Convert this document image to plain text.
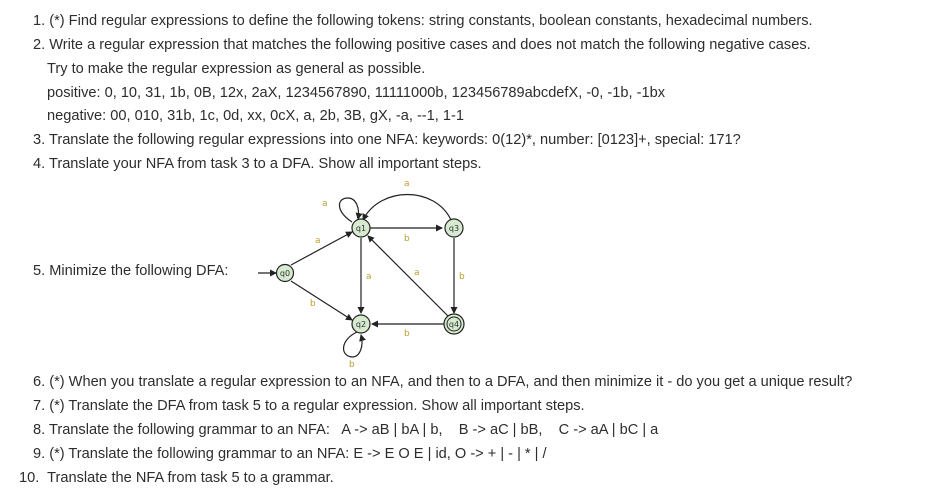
1. (*) Find regular expressions to define the following tokens: string constants, boolean constants, hexadecimal numbers.
2. Write a regular expression that matches the following positive cases and does not match the following negative cases.
Try to make the regular expression as general as possible.
positive: 0, 10, 31, 1b, 0B, 12x, 2aX, 1234567890, 11111000b, 123456789abcdefX, -0, -1b, -1bx
negative: 00, 010, 31b, 1c, 0d, xx, 0cX, a, 2b, 3B, gX, -a, --1, 1-1
3. Translate the following regular expressions into one NFA: keywords: 0(12)*, number: [0123]+, special: 171?
4. Translate your NFA from task 3 to a DFA. Show all important steps.
5. Minimize the following DFA:
a
b
a
b
a
b
a	a
b
b
q0
q1	q3
q2	q4
6. (*) When you translate a regular expression to an NFA, and then to a DFA, and then minimize it - do you get a unique result?
7. (*) Translate the DFA from task 5 to a regular expression. Show all important steps.
8. Translate the following grammar to an NFA:   A -> aB | bA | b,    B -> aC | bB,    C -> aA | bC | a
9. (*) Translate the following grammar to an NFA: E -> E O E | id, O -> + | - | * | /
10.  Translate the NFA from task 5 to a grammar.
